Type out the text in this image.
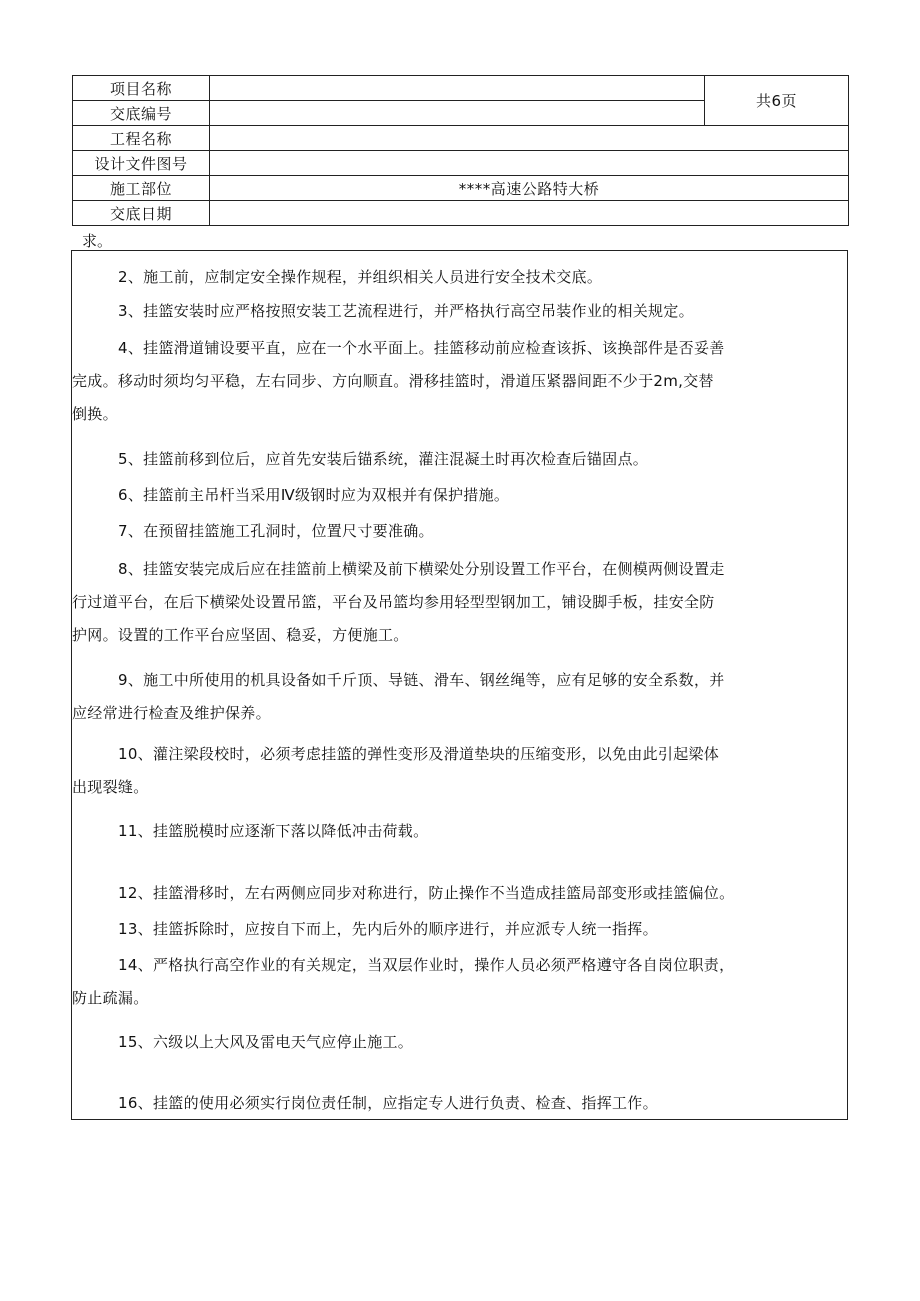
项目名称		共6页
交底编号		
工程名称		
设计文件图号		
施工部位	****高速公路特大桥	
交底日期		
求。
2、施工前，应制定安全操作规程，并组织相关人员进行安全技术交底。
3、挂篮安装时应严格按照安装工艺流程进行，并严格执行高空吊装作业的相关规定。
4、挂篮滑道铺设要平直，应在一个水平面上。挂篮移动前应检查该拆、该换部件是否妥善
完成。移动时须均匀平稳，左右同步、方向顺直。滑移挂篮时，滑道压紧器间距不少于2m,交替
倒换。
5、挂篮前移到位后，应首先安装后锚系统，灌注混凝土时再次检查后锚固点。
6、挂篮前主吊杆当采用Ⅳ级钢时应为双根并有保护措施。
7、在预留挂篮施工孔洞时，位置尺寸要准确。
8、挂篮安装完成后应在挂篮前上横梁及前下横梁处分别设置工作平台，在侧模两侧设置走
行过道平台，在后下横梁处设置吊篮，平台及吊篮均参用轻型型钢加工，铺设脚手板，挂安全防
护网。设置的工作平台应坚固、稳妥，方便施工。
9、施工中所使用的机具设备如千斤顶、导链、滑车、钢丝绳等，应有足够的安全系数，并
应经常进行检查及维护保养。
10、灌注梁段校时，必须考虑挂篮的弹性变形及滑道垫块的压缩变形，以免由此引起梁体
出现裂缝。
11、挂篮脱模时应逐渐下落以降低冲击荷载。
12、挂篮滑移时，左右两侧应同步对称进行，防止操作不当造成挂篮局部变形或挂篮偏位。
13、挂篮拆除时，应按自下而上，先内后外的顺序进行，并应派专人统一指挥。
14、严格执行高空作业的有关规定，当双层作业时，操作人员必须严格遵守各自岗位职责，
防止疏漏。
15、六级以上大风及雷电天气应停止施工。
16、挂篮的使用必须实行岗位责任制，应指定专人进行负责、检查、指挥工作。
